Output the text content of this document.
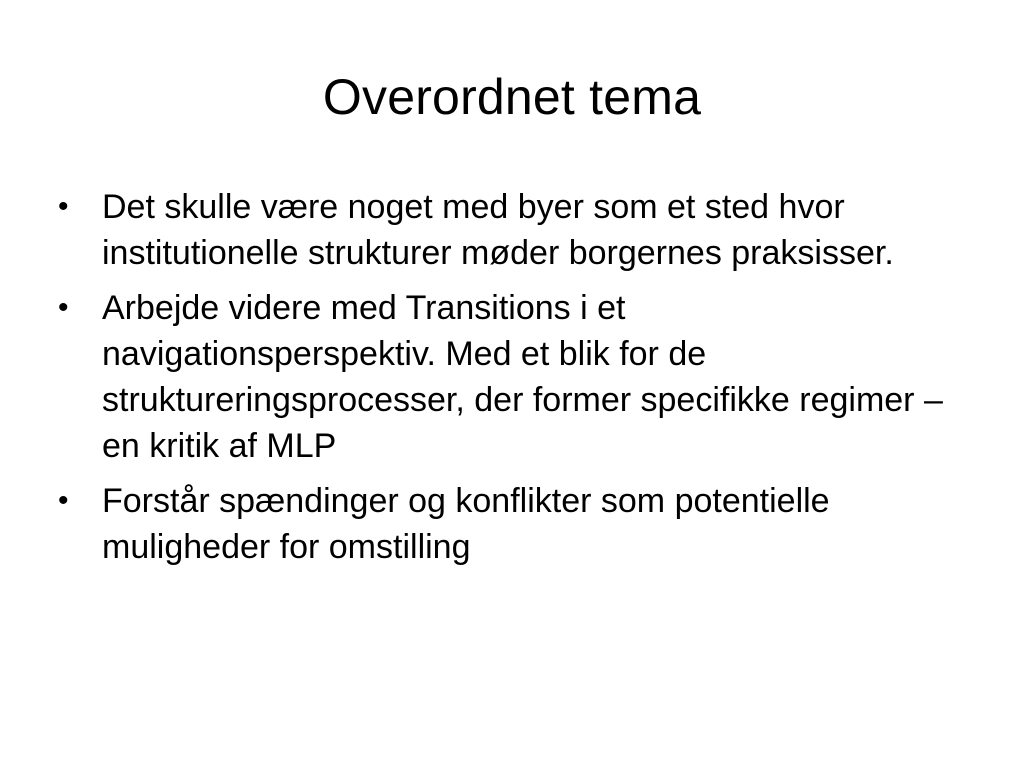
Overordnet tema
• Det skulle være noget med byer som et sted hvor institutionelle strukturer møder borgernes praksisser.
• Arbejde videre med Transitions i et navigationsperspektiv. Med et blik for de struktureringsprocesser, der former specifikke regimer – en kritik af MLP
• Forstår spændinger og konflikter som potentielle muligheder for omstilling
